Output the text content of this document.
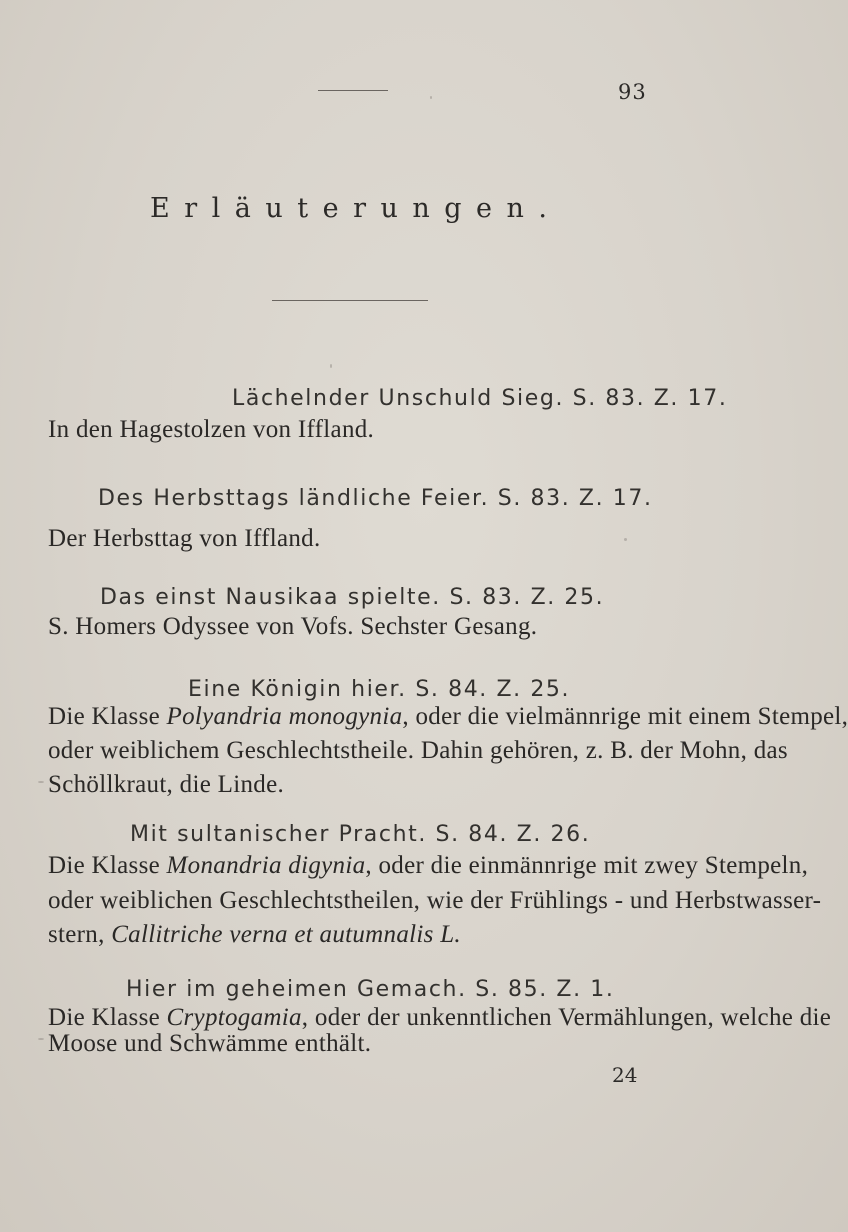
93
Erläuterungen.
Lächelnder Unschuld Sieg. S. 83. Z. 17.
In den Hagestolzen von Iffland.
Des Herbsttags ländliche Feier. S. 83. Z. 17.
Der Herbsttag von Iffland.
Das einst Nausikaa spielte. S. 83. Z. 25.
S. Homers Odyssee von Vofs. Sechster Gesang.
Eine Königin hier. S. 84. Z. 25.
Die Klasse Polyandria monogynia, oder die vielmännrige mit einem Stempel,
oder weiblichem Geschlechtstheile. Dahin gehören, z. B. der Mohn, das
Schöllkraut, die Linde.
Mit sultanischer Pracht. S. 84. Z. 26.
Die Klasse Monandria digynia, oder die einmännrige mit zwey Stempeln,
oder weiblichen Geschlechtstheilen, wie der Frühlings - und Herbstwasser-
stern, Callitriche verna et autumnalis L.
Hier im geheimen Gemach. S. 85. Z. 1.
Die Klasse Cryptogamia, oder der unkenntlichen Vermählungen, welche die
Moose und Schwämme enthält.
24
